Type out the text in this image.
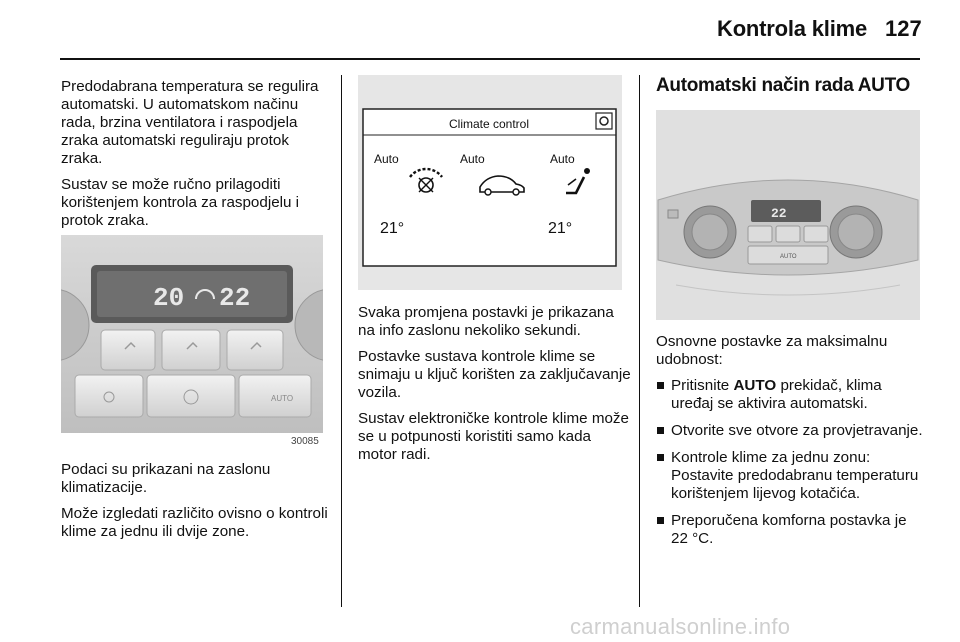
Kontrola klime 127

Predodabrana temperatura se regulira automatski. U automatskom načinu rada, brzina ventilatora i raspodjela zraka automatski reguliraju protok zraka.

Sustav se može ručno prilagoditi korištenjem kontrola za raspodjelu i protok zraka.

20 22
AUTO
30085

Podaci su prikazani na zaslonu klimatizacije.

Može izgledati različito ovisno o kontroli klime za jednu ili dvije zone.

Climate control
Auto	Auto	Auto
21°	21°

Svaka promjena postavki je prikazana na info zaslonu nekoliko sekundi.

Postavke sustava kontrole klime se snimaju u ključ korišten za zaključavanje vozila.

Sustav elektroničke kontrole klime može se u potpunosti koristiti samo kada motor radi.

Automatski način rada AUTO
22
AUTO

Osnovne postavke za maksimalnu udobnost:

Pritisnite AUTO prekidač, klima uređaj se aktivira automatski.
Otvorite sve otvore za provjetravanje.
Kontrole klime za jednu zonu: Postavite predodabranu temperaturu korištenjem lijevog kotačića.
Preporučena komforna postavka je 22 °C.
carmanualsonline.info
